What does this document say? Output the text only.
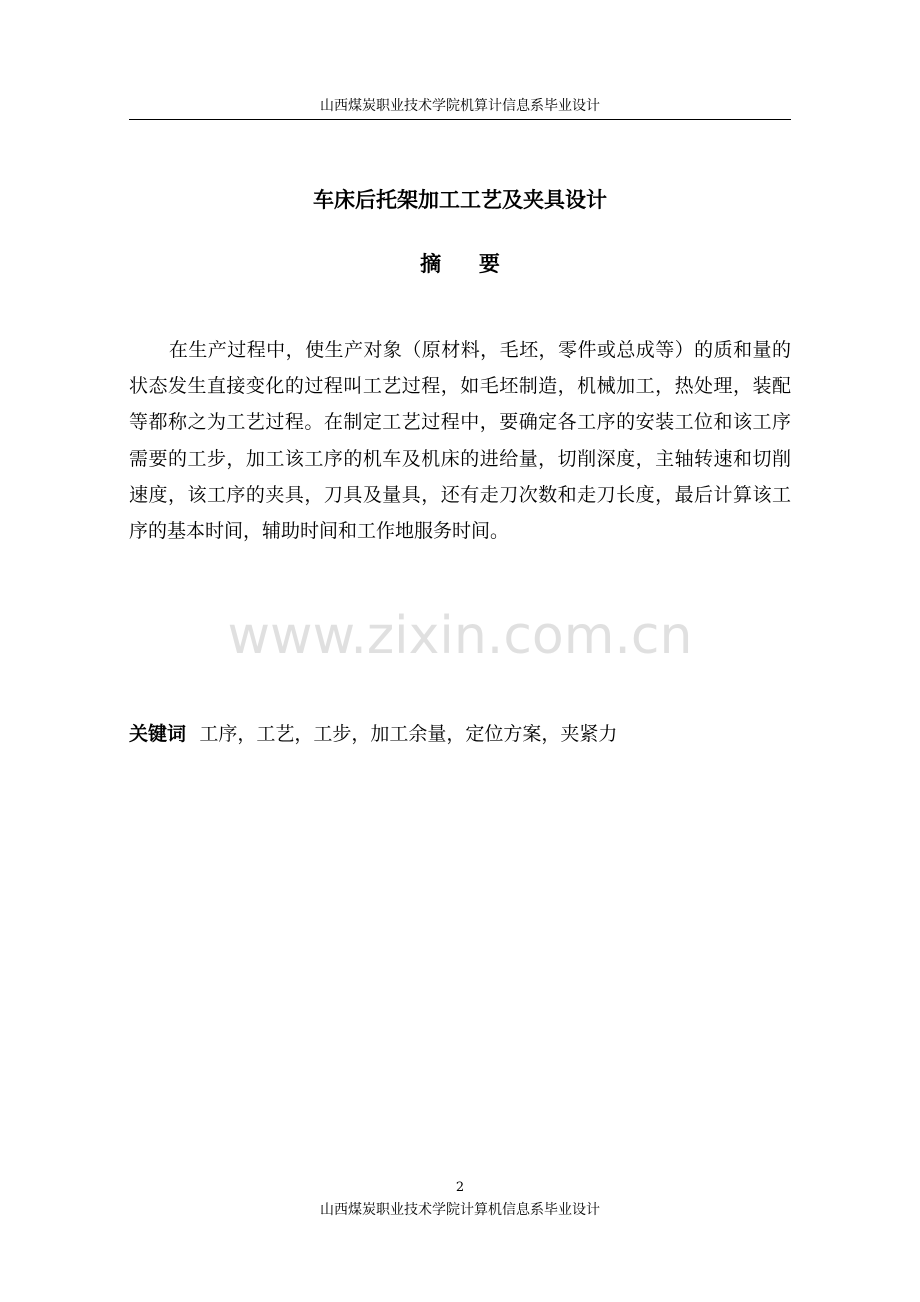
山西煤炭职业技术学院机算计信息系毕业设计
车床后托架加工工艺及夹具设计
摘要

在生产过程中，使生产对象（原材料，毛坯，零件或总成等）的质和量的状态发生直接变化的过程叫工艺过程，如毛坯制造，机械加工，热处理，装配等都称之为工艺过程。在制定工艺过程中，要确定各工序的安装工位和该工序需要的工步，加工该工序的机车及机床的进给量，切削深度，主轴转速和切削速度，该工序的夹具，刀具及量具，还有走刀次数和走刀长度，最后计算该工序的基本时间，辅助时间和工作地服务时间。

www.zixin.com.cn
关键词 工序，工艺，工步，加工余量，定位方案，夹紧力
2
山西煤炭职业技术学院计算机信息系毕业设计
